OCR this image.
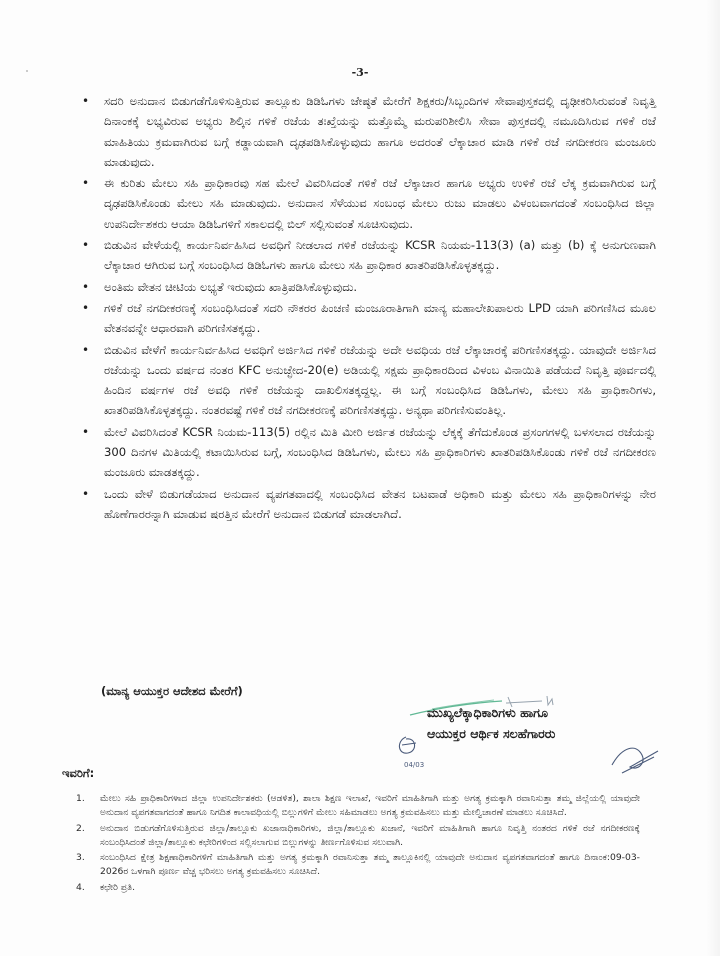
-3-
• ಸದರಿ ಅನುದಾನ ಬಿಡುಗಡೆಗೊಳಿಸುತ್ತಿರುವ ತಾಲ್ಲೂಕು ಡಿಡಿಓಗಳು ಜೇಷ್ಠತೆ ಮೇರೆಗೆ ಶಿಕ್ಷಕರು/ಸಿಬ್ಬಂದಿಗಳ ಸೇವಾಪುಸ್ತಕದಲ್ಲಿ ದೃಢೀಕರಿಸಿರುವಂತೆ ನಿವೃತ್ತಿ ದಿನಾಂಕಕ್ಕೆ ಲಭ್ಯವಿರುವ ಅಭ್ಯರು ಶಿಲ್ಕಿನ ಗಳಿಕೆ ರಜೆಯ ತಃಖ್ತೆಯನ್ನು ಮತ್ತೊಮ್ಮೆ ಮರುಪರಿಶೀಲಿಸಿ ಸೇವಾ ಪುಸ್ತಕದಲ್ಲಿ ನಮೂದಿಸಿರುವ ಗಳಿಕೆ ರಜೆ ಮಾಹಿತಿಯು ಕ್ರಮವಾಗಿರುವ ಬಗ್ಗೆ ಕಡ್ಡಾಯವಾಗಿ ದೃಢಪಡಿಸಿಕೊಳ್ಳುವುದು ಹಾಗೂ ಅದರಂತೆ ಲೆಕ್ಕಾಚಾರ ಮಾಡಿ ಗಳಿಕೆ ರಜೆ ನಗದೀಕರಣ ಮಂಜೂರು ಮಾಡುವುದು.
• ಈ ಕುರಿತು ಮೇಲು ಸಹಿ ಪ್ರಾಧಿಕಾರವು ಸಹ ಮೇಲೆ ವಿವರಿಸಿದಂತೆ ಗಳಿಕೆ ರಜೆ ಲೆಕ್ಕಾಚಾರ ಹಾಗೂ ಅಭ್ಯರು ಉಳಿಕೆ ರಜೆ ಲೆಕ್ಕ ಕ್ರಮವಾಗಿರುವ ಬಗ್ಗೆ ದೃಢಪಡಿಸಿಕೊಂಡು ಮೇಲು ಸಹಿ ಮಾಡುವುದು. ಅನುದಾನ ಸೆಳೆಯುವ ಸಂಬಂಧ ಮೇಲು ರುಜು ಮಾಡಲು ವಿಳಂಬವಾಗದಂತೆ ಸಂಬಂಧಿಸಿದ ಜಿಲ್ಲಾ ಉಪನಿರ್ದೇಶಕರು ಆಯಾ ಡಿಡಿಓಗಳಿಗೆ ಸಕಾಲದಲ್ಲಿ ಬಿಲ್ ಸಲ್ಲಿಸುವಂತೆ ಸೂಚಿಸುವುದು.
• ಬಿಡುವಿನ ವೇಳೆಯಲ್ಲಿ ಕಾರ್ಯನಿರ್ವಹಿಸಿದ ಅವಧಿಗೆ ನೀಡಲಾದ ಗಳಿಕೆ ರಜೆಯನ್ನು KCSR ನಿಯಮ-113(3) (a) ಮತ್ತು (b) ಕ್ಕೆ ಅನುಗುಣವಾಗಿ ಲೆಕ್ಕಾಚಾರ ಆಗಿರುವ ಬಗ್ಗೆ ಸಂಬಂಧಿಸಿದ ಡಿಡಿಓಗಳು ಹಾಗೂ ಮೇಲು ಸಹಿ ಪ್ರಾಧಿಕಾರ ಖಾತರಿಪಡಿಸಿಕೊಳ್ಳತಕ್ಕದ್ದು.
• ಅಂತಿಮ ವೇತನ ಚೀಟಿಯ ಲಭ್ಯತೆ ಇರುವುದು ಖಾತ್ರಿಪಡಿಸಿಕೊಳ್ಳುವುದು.
• ಗಳಿಕೆ ರಜೆ ನಗದೀಕರಣಕ್ಕೆ ಸಂಬಂಧಿಸಿದಂತೆ ಸದರಿ ನೌಕರರ ಪಿಂಚಣಿ ಮಂಜೂರಾತಿಗಾಗಿ ಮಾನ್ಯ ಮಹಾಲೇಖಪಾಲರು LPD ಯಾಗಿ ಪರಿಗಣಿಸಿದ ಮೂಲ ವೇತನವನ್ನೇ ಆಧಾರವಾಗಿ ಪರಿಗಣಿಸತಕ್ಕದ್ದು.
• ಬಿಡುವಿನ ವೇಳೆಗೆ ಕಾರ್ಯನಿರ್ವಹಿಸಿದ ಅವಧಿಗೆ ಅರ್ಜಿಸಿದ ಗಳಿಕೆ ರಜೆಯನ್ನು ಅದೇ ಅವಧಿಯ ರಜೆ ಲೆಕ್ಕಾಚಾರಕ್ಕೆ ಪರಿಗಣಿಸತಕ್ಕದ್ದು. ಯಾವುದೇ ಅರ್ಜಿಸಿದ ರಜೆಯನ್ನು ಒಂದು ವರ್ಷದ ನಂತರ KFC ಅನುಚ್ಛೇದ-20(e) ಅಡಿಯಲ್ಲಿ ಸಕ್ಷಮ ಪ್ರಾಧಿಕಾರದಿಂದ ವಿಳಂಬ ವಿನಾಯಿತಿ ಪಡೆಯದೆ ನಿವೃತ್ತಿ ಪೂರ್ವದಲ್ಲಿ ಹಿಂದಿನ ವರ್ಷಗಳ ರಜೆ ಅವಧಿ ಗಳಿಕೆ ರಜೆಯನ್ನು ದಾಖಲಿಸತಕ್ಕದ್ದಲ್ಲ. ಈ ಬಗ್ಗೆ ಸಂಬಂಧಿಸಿದ ಡಿಡಿಓಗಳು, ಮೇಲು ಸಹಿ ಪ್ರಾಧಿಕಾರಿಗಳು, ಖಾತರಿಪಡಿಸಿಕೊಳ್ಳತಕ್ಕದ್ದು. ನಂತರವಷ್ಟೆ ಗಳಿಕೆ ರಜೆ ನಗದೀಕರಣಕ್ಕೆ ಪರಿಗಣಿಸತಕ್ಕದ್ದು. ಅನ್ಯಥಾ ಪರಿಗಣಿಸುವಂತಿಲ್ಲ.
• ಮೇಲೆ ವಿವರಿಸಿದಂತೆ KCSR ನಿಯಮ-113(5) ರಲ್ಲಿನ ಮಿತಿ ಮೀರಿ ಅರ್ಜಿತ ರಜೆಯನ್ನು ಲೆಕ್ಕಕ್ಕೆ ತೆಗೆದುಕೊಂಡ ಪ್ರಸಂಗಗಳಲ್ಲಿ ಬಳಸಲಾದ ರಜೆಯನ್ನು 300 ದಿನಗಳ ಮಿತಿಯಲ್ಲಿ ಕಟಾಯಿಸಿರುವ ಬಗ್ಗೆ, ಸಂಬಂಧಿಸಿದ ಡಿಡಿಓಗಳು, ಮೇಲು ಸಹಿ ಪ್ರಾಧಿಕಾರಿಗಳು ಖಾತರಿಪಡಿಸಿಕೊಂಡು ಗಳಿಕೆ ರಜೆ ನಗದೀಕರಣ ಮಂಜೂರು ಮಾಡತಕ್ಕದ್ದು.
• ಒಂದು ವೇಳೆ ಬಿಡುಗಡೆಯಾದ ಅನುದಾನ ವ್ಯಪಗತವಾದಲ್ಲಿ ಸಂಬಂಧಿಸಿದ ವೇತನ ಬಟವಾಡೆ ಅಧಿಕಾರಿ ಮತ್ತು ಮೇಲು ಸಹಿ ಪ್ರಾಧಿಕಾರಿಗಳನ್ನು ನೇರ ಹೊಣೆಗಾರರನ್ನಾಗಿ ಮಾಡುವ ಷರತ್ತಿನ ಮೇರೆಗೆ ಅನುದಾನ ಬಿಡುಗಡೆ ಮಾಡಲಾಗಿದೆ.
(ಮಾನ್ಯ ಆಯುಕ್ತರ ಆದೇಶದ ಮೇರೆಗೆ)
04/03
ಮುಖ್ಯಲೆಕ್ಕಾಧಿಕಾರಿಗಳು ಹಾಗೂ
ಆಯುಕ್ತರ ಆರ್ಥಿಕ ಸಲಹೆಗಾರರು
ಇವರಿಗೆ:
1. ಮೇಲು ಸಹಿ ಪ್ರಾಧಿಕಾರಿಗಳಾದ ಜಿಲ್ಲಾ ಉಪನಿರ್ದೇಶಕರು (ಆಡಳಿತ), ಶಾಲಾ ಶಿಕ್ಷಣ ಇಲಾಖೆ, ಇವರಿಗೆ ಮಾಹಿತಿಗಾಗಿ ಮತ್ತು ಅಗತ್ಯ ಕ್ರಮಕ್ಕಾಗಿ ರವಾನಿಸುತ್ತಾ ತಮ್ಮ ಜಿಲ್ಲೆಯಲ್ಲಿ ಯಾವುದೇ ಅನುದಾನ ವ್ಯಪಗತವಾಗದಂತೆ ಹಾಗೂ ನಿಗದಿತ ಕಾಲಾವಧಿಯಲ್ಲಿ ಬಿಲ್ಲುಗಳಿಗೆ ಮೇಲು ಸಹಿಮಾಡಲು ಅಗತ್ಯ ಕ್ರಮವಹಿಸಲು ಮತ್ತು ಮೇಲ್ವಿಚಾರಣೆ ಮಾಡಲು ಸೂಚಿಸಿದೆ.
2. ಅನುದಾನ ಬಿಡುಗಡೆಗೊಳಿಸುತ್ತಿರುವ ಜಿಲ್ಲಾ/ತಾಲ್ಲೂಕು ಖಜಾನಾಧಿಕಾರಿಗಳು, ಜಿಲ್ಲಾ/ತಾಲ್ಲೂಕು ಖಜಾನೆ, ಇವರಿಗೆ ಮಾಹಿತಿಗಾಗಿ ಹಾಗೂ ನಿವೃತ್ತಿ ನಂತರದ ಗಳಿಕೆ ರಜೆ ನಗದೀಕರಣಕ್ಕೆ ಸಂಬಂಧಿಸಿದಂತೆ ಜಿಲ್ಲಾ/ತಾಲ್ಲೂಕು ಕಛೇರಿಗಳಿಂದ ಸಲ್ಲಿಸಲಾಗುವ ಬಿಲ್ಲುಗಳನ್ನು ತೀರ್ಣಗೊಳಿಸುವ ಸಲುವಾಗಿ.
3. ಸಂಬಂಧಿಸಿದ ಕ್ಷೇತ್ರ ಶಿಕ್ಷಣಾಧಿಕಾರಿಗಳಿಗೆ ಮಾಹಿತಿಗಾಗಿ ಮತ್ತು ಅಗತ್ಯ ಕ್ರಮಕ್ಕಾಗಿ ರವಾನಿಸುತ್ತಾ ತಮ್ಮ ತಾಲ್ಲೂಕಿನಲ್ಲಿ ಯಾವುದೇ ಅನುದಾನ ವ್ಯಪಗತವಾಗದಂತೆ ಹಾಗೂ ದಿನಾಂಕ:09-03-2026ರ ಒಳಗಾಗಿ ಪೂರ್ಣ ವೆಚ್ಚ ಭರಿಸಲು ಅಗತ್ಯ ಕ್ರಮವಹಿಸಲು ಸೂಚಿಸಿದೆ.
4. ಕಛೇರಿ ಪ್ರತಿ.
